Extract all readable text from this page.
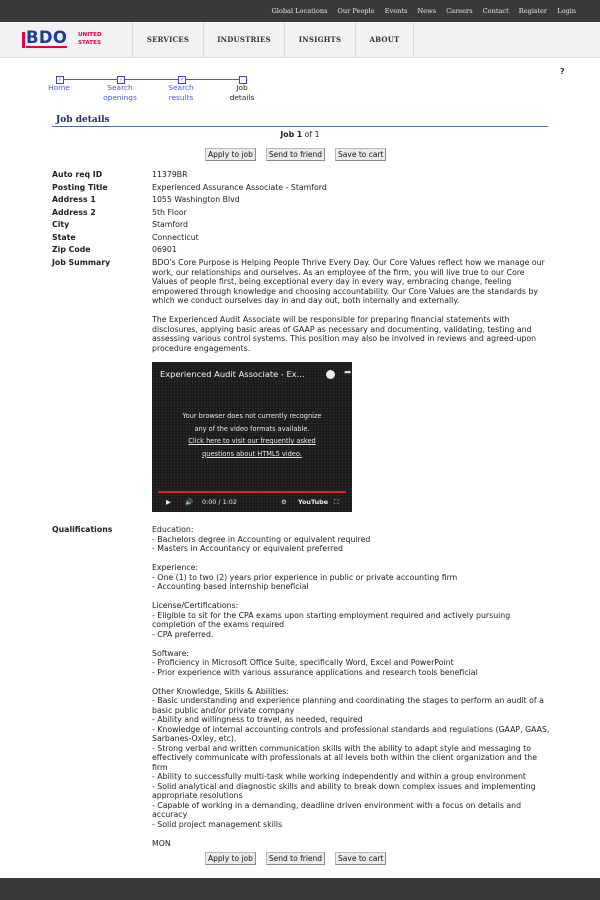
Global Locations Our People Events News Careers Contact Register Login
BDO UNITED
STATES	SERVICES	INDUSTRIES	INSIGHTS	ABOUT
?
✓	✓	✓
Home	Search
openings
Search
results
Job
details
Job details
Job 1 of 1
Apply to job	Send to friend	Save to cart
Auto req ID	11379BR
Posting Title	Experienced Assurance Associate - Stamford
Address 1	1055 Washington Blvd
Address 2	5th Floor
City	Stamford
State	Connecticut
Zip Code	06901
Job Summary	BDO's Core Purpose is Helping People Thrive Every Day. Our Core Values reflect how we manage our work, our relationships and ourselves. As an employee of the firm, you will live true to our Core Values of people first, being exceptional every day in every way, embracing change, feeling empowered through knowledge and choosing accountability. Our Core Values are the standards by which we conduct ourselves day in and day out, both internally and externally.
The Experienced Audit Associate will be responsible for preparing financial statements with disclosures, applying basic areas of GAAP as necessary and documenting, validating, testing and assessing various control systems. This position may also be involved in reviews and agreed-upon procedure engagements.
Experienced Audit Associate - Ex...	➦
Your browser does not currently recognize
any of the video formats available.
Click here to visit our frequently asked
questions about HTML5 video.
▶ 🔊 0:00 / 1:02	⚙ YouTube ⛶
Qualifications	Education:
- Bachelors degree in Accounting or equivalent required
- Masters in Accountancy or equivalent preferred
Experience:
- One (1) to two (2) years prior experience in public or private accounting firm
- Accounting based internship beneficial
License/Certifications:
- Eligible to sit for the CPA exams upon starting employment required and actively pursuing completion of the exams required
- CPA preferred.
Software:
- Proficiency in Microsoft Office Suite, specifically Word, Excel and PowerPoint
- Prior experience with various assurance applications and research tools beneficial
Other Knowledge, Skills & Abilities:
- Basic understanding and experience planning and coordinating the stages to perform an audit of a basic public and/or private company
- Ability and willingness to travel, as needed, required
- Knowledge of internal accounting controls and professional standards and regulations (GAAP, GAAS, Sarbanes-Oxley, etc).
- Strong verbal and written communication skills with the ability to adapt style and messaging to effectively communicate with professionals at all levels both within the client organization and the firm
- Ability to successfully multi-task while working independently and within a group environment
- Solid analytical and diagnostic skills and ability to break down complex issues and implementing appropriate resolutions
- Capable of working in a demanding, deadline driven environment with a focus on details and accuracy
- Solid project management skills
MON
Apply to job	Send to friend	Save to cart
